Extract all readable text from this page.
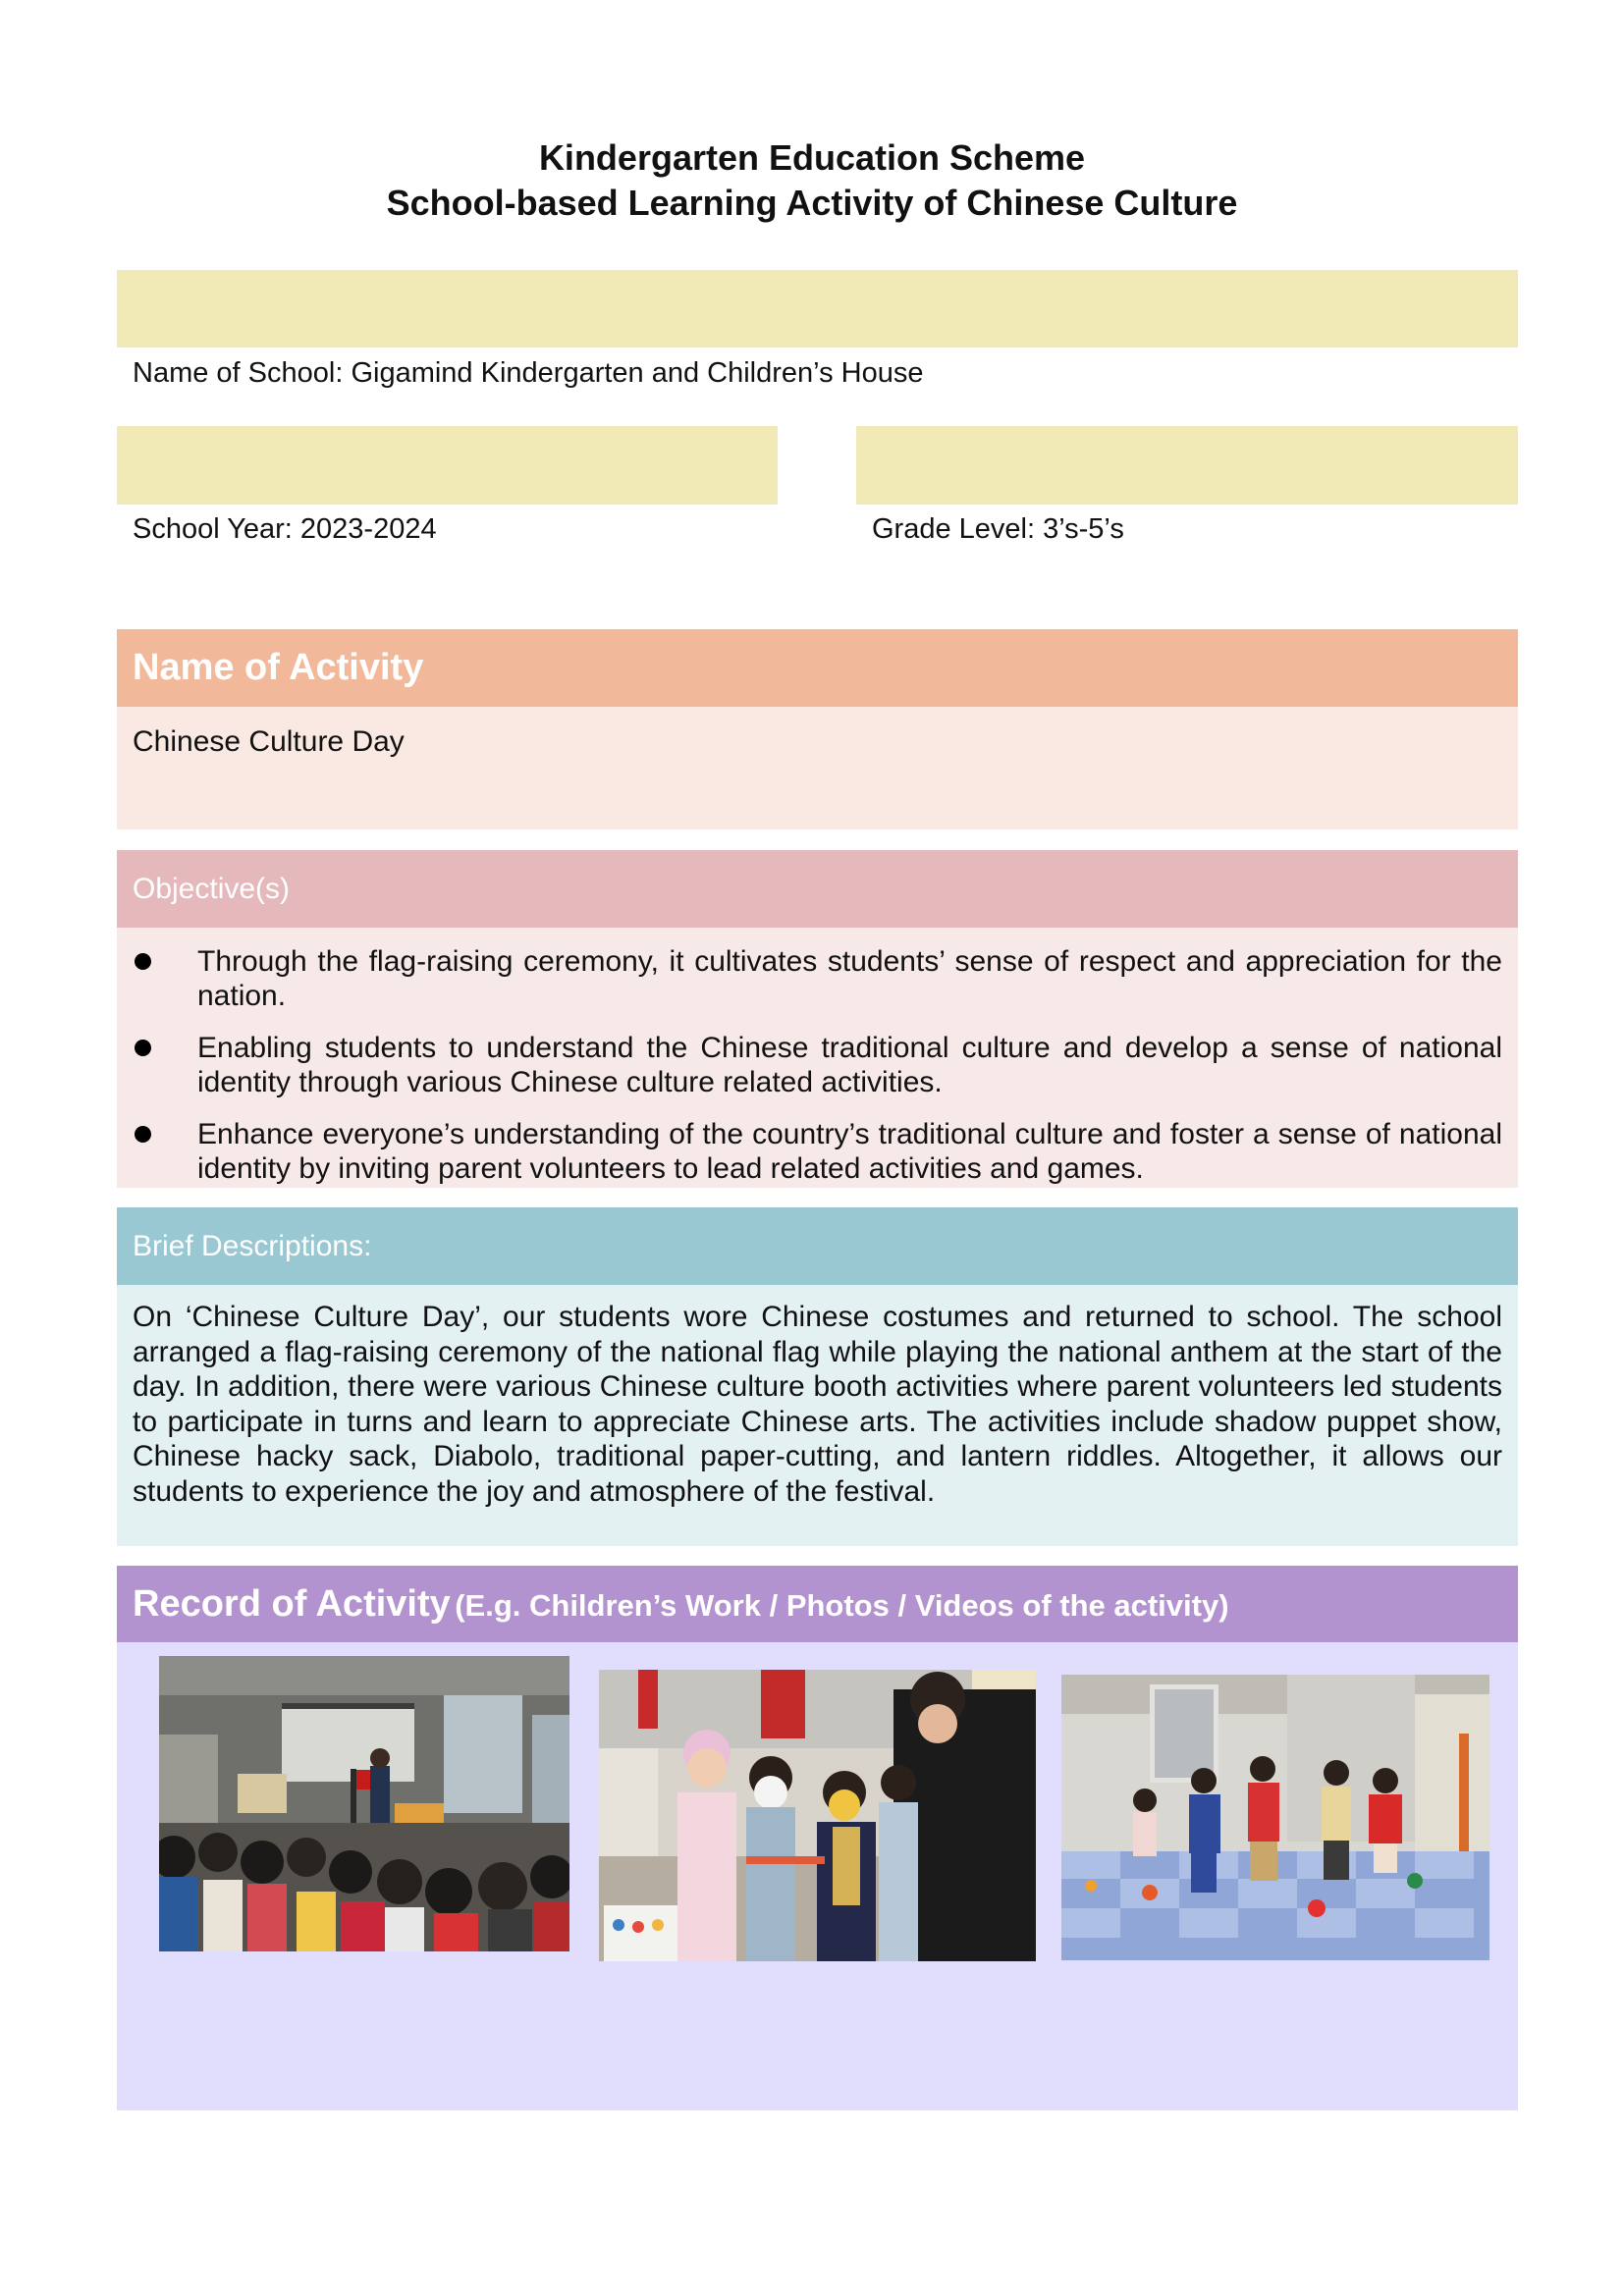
Kindergarten Education Scheme
School-based Learning Activity of Chinese Culture
Name of School: Gigamind Kindergarten and Children’s House
School Year: 2023-2024	Grade Level: 3’s-5’s
Name of Activity
Chinese Culture Day
Objective(s)
Through the flag-raising ceremony, it cultivates students’ sense of respect and appreciation for the nation.
Enabling students to understand the Chinese traditional culture and develop a sense of national identity through various Chinese culture related activities.
Enhance everyone’s understanding of the country’s traditional culture and foster a sense of national identity by inviting parent volunteers to lead related activities and games.
Brief Descriptions:
On ‘Chinese Culture Day’, our students wore Chinese costumes and returned to school. The school arranged a flag-raising ceremony of the national flag while playing the national anthem at the start of the day. In addition, there were various Chinese culture booth activities where parent volunteers led students to participate in turns and learn to appreciate Chinese arts. The activities include shadow puppet show, Chinese hacky sack, Diabolo, traditional paper-cutting, and lantern riddles. Altogether, it allows our students to experience the joy and atmosphere of the festival.
Record of Activity (E.g. Children’s Work / Photos / Videos of the activity)
